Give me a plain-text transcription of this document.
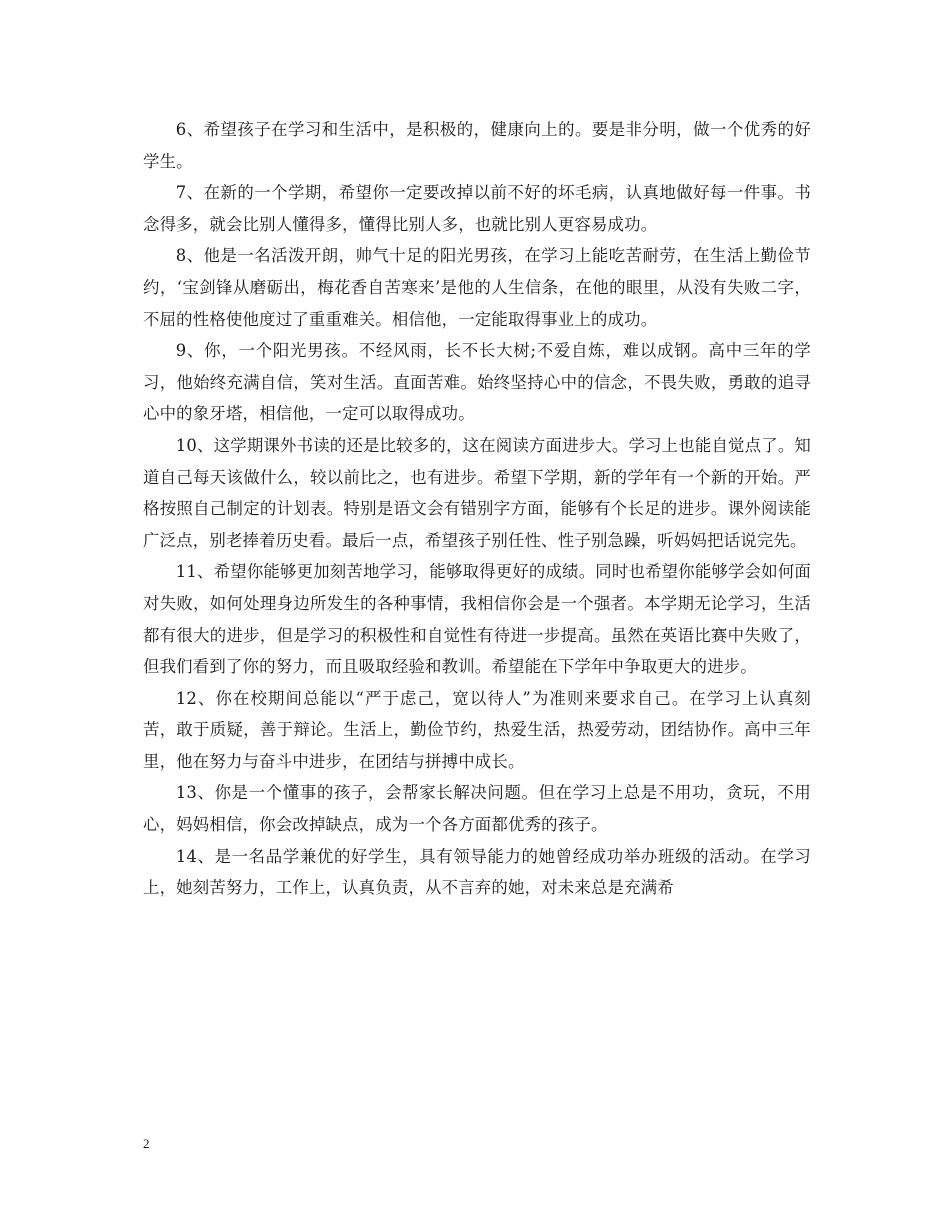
6、希望孩子在学习和生活中，是积极的，健康向上的。要是非分明，做一个优秀的好学生。

7、在新的一个学期，希望你一定要改掉以前不好的坏毛病，认真地做好每一件事。书念得多，就会比别人懂得多，懂得比别人多，也就比别人更容易成功。

8、他是一名活泼开朗，帅气十足的阳光男孩，在学习上能吃苦耐劳，在生活上勤俭节约，‘宝剑锋从磨砺出，梅花香自苦寒来’是他的人生信条，在他的眼里，从没有失败二字，不屈的性格使他度过了重重难关。相信他，一定能取得事业上的成功。

9、你，一个阳光男孩。不经风雨，长不长大树;不爱自炼，难以成钢。高中三年的学习，他始终充满自信，笑对生活。直面苦难。始终坚持心中的信念，不畏失败，勇敢的追寻心中的象牙塔，相信他，一定可以取得成功。

10、这学期课外书读的还是比较多的，这在阅读方面进步大。学习上也能自觉点了。知道自己每天该做什么，较以前比之，也有进步。希望下学期，新的学年有一个新的开始。严格按照自己制定的计划表。特别是语文会有错别字方面，能够有个长足的进步。课外阅读能广泛点，别老捧着历史看。最后一点，希望孩子别任性、性子别急躁，听妈妈把话说完先。

11、希望你能够更加刻苦地学习，能够取得更好的成绩。同时也希望你能够学会如何面对失败，如何处理身边所发生的各种事情，我相信你会是一个强者。本学期无论学习，生活都有很大的进步，但是学习的积极性和自觉性有待进一步提高。虽然在英语比赛中失败了，但我们看到了你的努力，而且吸取经验和教训。希望能在下学年中争取更大的进步。

12、你在校期间总能以“严于虑己，宽以待人”为准则来要求自己。在学习上认真刻苦，敢于质疑，善于辩论。生活上，勤俭节约，热爱生活，热爱劳动，团结协作。高中三年里，他在努力与奋斗中进步，在团结与拼搏中成长。

13、你是一个懂事的孩子，会帮家长解决问题。但在学习上总是不用功，贪玩，不用心，妈妈相信，你会改掉缺点，成为一个各方面都优秀的孩子。

14、是一名品学兼优的好学生，具有领导能力的她曾经成功举办班级的活动。在学习上，她刻苦努力，工作上，认真负责，从不言弃的她，对未来总是充满希

2
